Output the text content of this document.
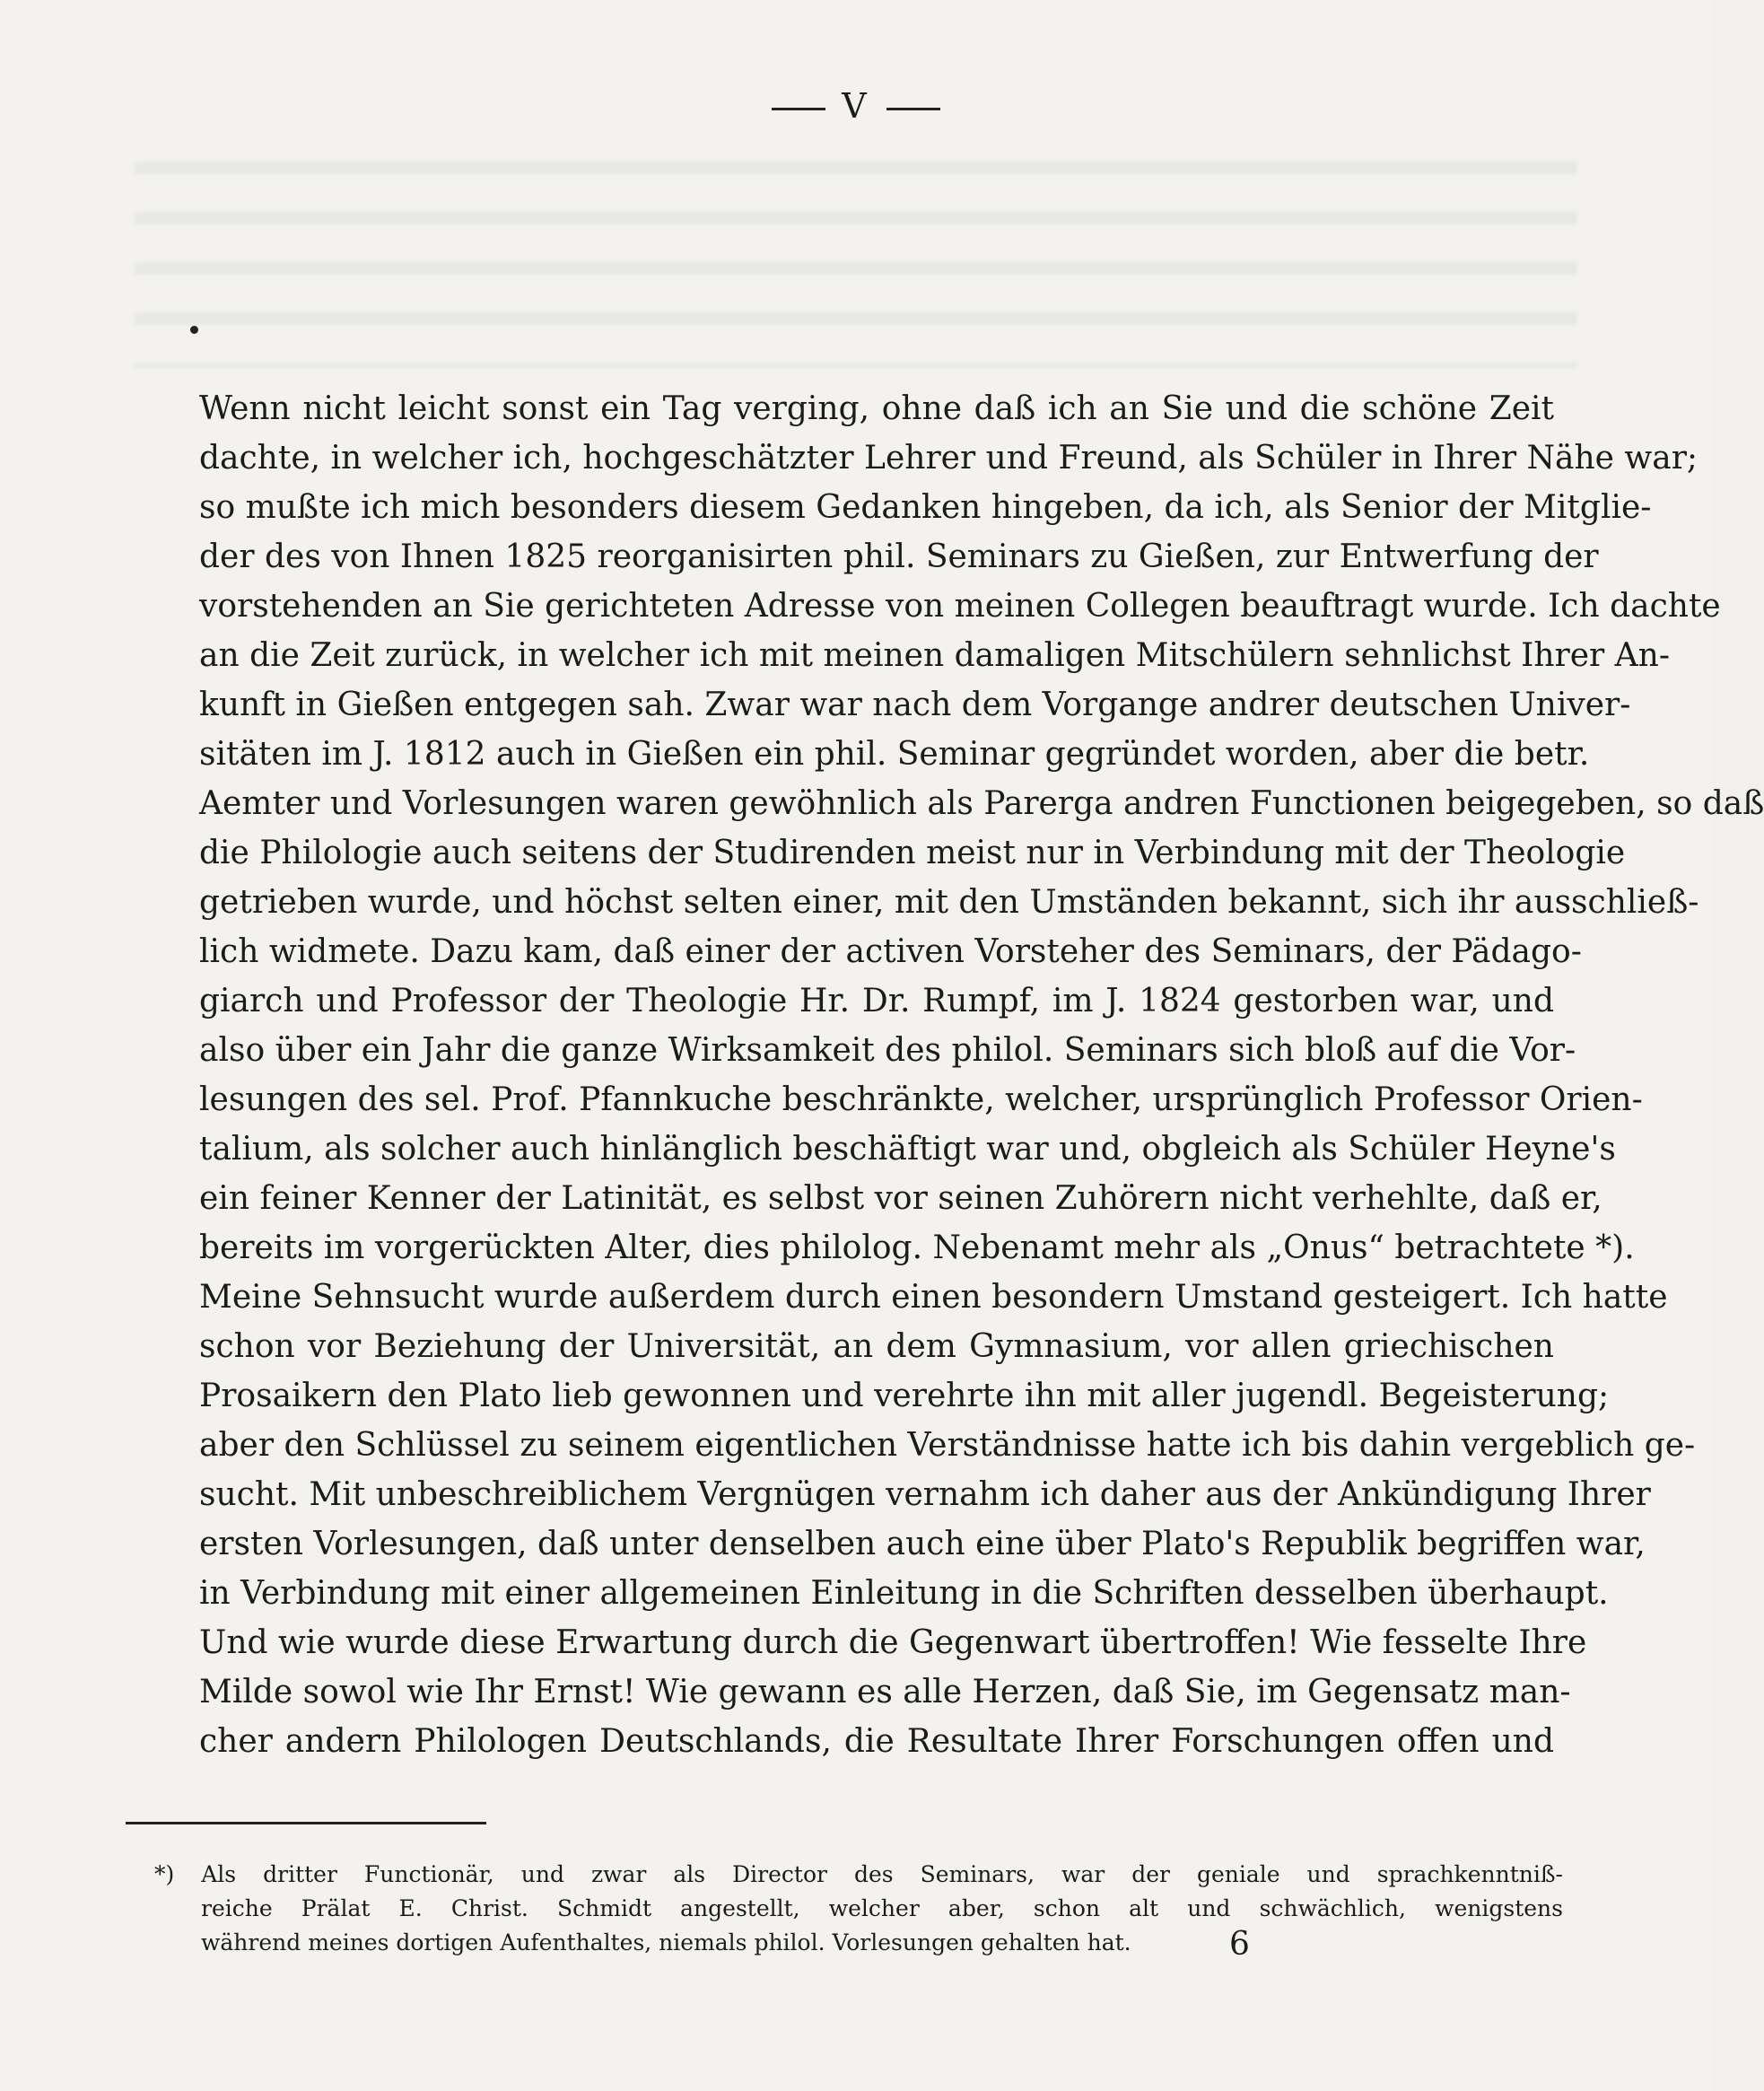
V
Wenn nicht leicht sonst ein Tag verging, ohne daß ich an Sie und die schöne Zeit
dachte, in welcher ich, hochgeschätzter Lehrer und Freund, als Schüler in Ihrer Nähe war;
so mußte ich mich besonders diesem Gedanken hingeben, da ich, als Senior der Mitglie-
der des von Ihnen 1825 reorganisirten phil. Seminars zu Gießen, zur Entwerfung der
vorstehenden an Sie gerichteten Adresse von meinen Collegen beauftragt wurde. Ich dachte
an die Zeit zurück, in welcher ich mit meinen damaligen Mitschülern sehnlichst Ihrer An-
kunft in Gießen entgegen sah. Zwar war nach dem Vorgange andrer deutschen Univer-
sitäten im J. 1812 auch in Gießen ein phil. Seminar gegründet worden, aber die betr.
Aemter und Vorlesungen waren gewöhnlich als Parerga andren Functionen beigegeben, so daß
die Philologie auch seitens der Studirenden meist nur in Verbindung mit der Theologie
getrieben wurde, und höchst selten einer, mit den Umständen bekannt, sich ihr ausschließ-
lich widmete. Dazu kam, daß einer der activen Vorsteher des Seminars, der Pädago-
giarch und Professor der Theologie Hr. Dr. Rumpf, im J. 1824 gestorben war, und
also über ein Jahr die ganze Wirksamkeit des philol. Seminars sich bloß auf die Vor-
lesungen des sel. Prof. Pfannkuche beschränkte, welcher, ursprünglich Professor Orien-
talium, als solcher auch hinlänglich beschäftigt war und, obgleich als Schüler Heyne's
ein feiner Kenner der Latinität, es selbst vor seinen Zuhörern nicht verhehlte, daß er,
bereits im vorgerückten Alter, dies philolog. Nebenamt mehr als „Onus“ betrachtete *).
Meine Sehnsucht wurde außerdem durch einen besondern Umstand gesteigert. Ich hatte
schon vor Beziehung der Universität, an dem Gymnasium, vor allen griechischen
Prosaikern den Plato lieb gewonnen und verehrte ihn mit aller jugendl. Begeisterung;
aber den Schlüssel zu seinem eigentlichen Verständnisse hatte ich bis dahin vergeblich ge-
sucht. Mit unbeschreiblichem Vergnügen vernahm ich daher aus der Ankündigung Ihrer
ersten Vorlesungen, daß unter denselben auch eine über Plato's Republik begriffen war,
in Verbindung mit einer allgemeinen Einleitung in die Schriften desselben überhaupt.
Und wie wurde diese Erwartung durch die Gegenwart übertroffen! Wie fesselte Ihre
Milde sowol wie Ihr Ernst! Wie gewann es alle Herzen, daß Sie, im Gegensatz man-
cher andern Philologen Deutschlands, die Resultate Ihrer Forschungen offen und
*) Als dritter Functionär, und zwar als Director des Seminars, war der geniale und sprachkenntniß-
reiche Prälat E. Christ. Schmidt angestellt, welcher aber, schon alt und schwächlich, wenigstens
während meines dortigen Aufenthaltes, niemals philol. Vorlesungen gehalten hat.	6
